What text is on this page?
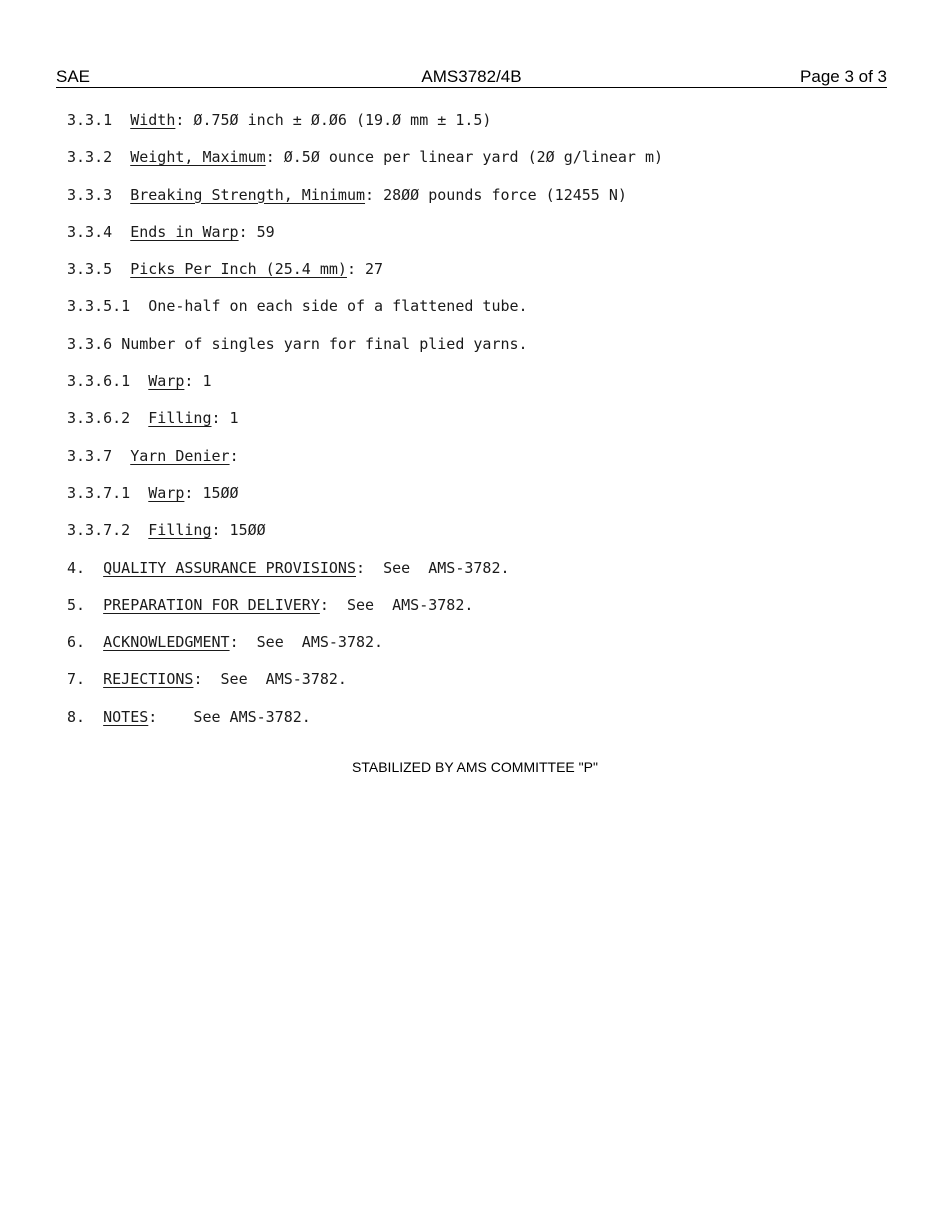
SAE	AMS3782/4B	Page 3 of 3
3.3.1 Width: Ø.75Ø inch ± Ø.Ø6 (19.Ø mm ± 1.5)
3.3.2 Weight, Maximum: Ø.5Ø ounce per linear yard (2Ø g/linear m)
3.3.3 Breaking Strength, Minimum: 28ØØ pounds force (12455 N)
3.3.4 Ends in Warp: 59
3.3.5 Picks Per Inch (25.4 mm): 27
3.3.5.1 One-half on each side of a flattened tube.
3.3.6 Number of singles yarn for final plied yarns.
3.3.6.1 Warp: 1
3.3.6.2 Filling: 1
3.3.7 Yarn Denier:
3.3.7.1 Warp: 15ØØ
3.3.7.2 Filling: 15ØØ
4. QUALITY ASSURANCE PROVISIONS:  See  AMS-3782.
5. PREPARATION FOR DELIVERY:  See  AMS-3782.
6. ACKNOWLEDGMENT:  See  AMS-3782.
7. REJECTIONS:  See  AMS-3782.
8. NOTES:    See AMS-3782.
STABILIZED BY AMS COMMITTEE "P"
